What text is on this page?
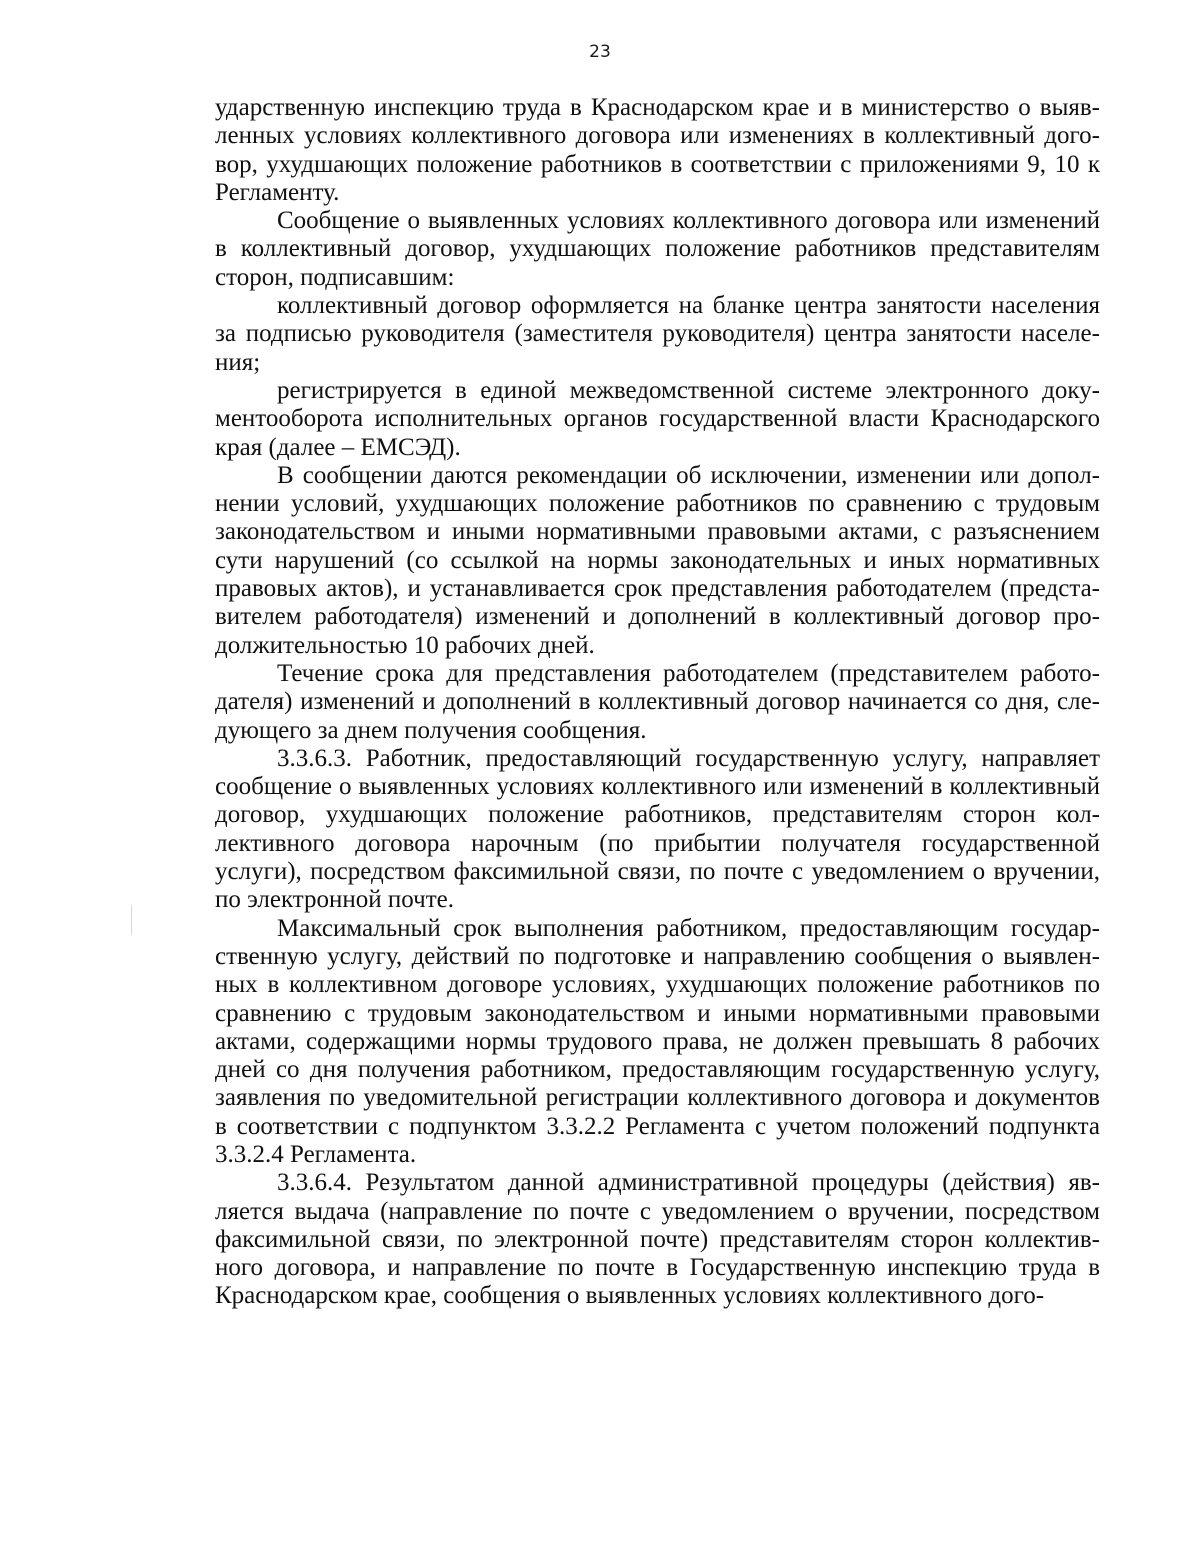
23

ударственную инспекцию труда в Краснодарском крае и в министерство о выявленных условиях коллективного договора или изменениях в коллективный договор, ухудшающих положение работников в соответствии с приложениями 9, 10 к Регламенту.

Сообщение о выявленных условиях коллективного договора или изменений в коллективный договор, ухудшающих положение работников представителям сторон, подписавшим:

коллективный договор оформляется на бланке центра занятости населения за подписью руководителя (заместителя руководителя) центра занятости населения;

регистрируется в единой межведомственной системе электронного документооборота исполнительных органов государственной власти Краснодарского края (далее – ЕМСЭД).

В сообщении даются рекомендации об исключении, изменении или дополнении условий, ухудшающих положение работников по сравнению с трудовым законодательством и иными нормативными правовыми актами, с разъяснением сути нарушений (со ссылкой на нормы законодательных и иных нормативных правовых актов), и устанавливается срок представления работодателем (представителем работодателя) изменений и дополнений в коллективный договор продолжительностью 10 рабочих дней.

Течение срока для представления работодателем (представителем работодателя) изменений и дополнений в коллективный договор начинается со дня, следующего за днем получения сообщения.

3.3.6.3. Работник, предоставляющий государственную услугу, направляет сообщение о выявленных условиях коллективного или изменений в коллективный договор, ухудшающих положение работников, представителям сторон коллективного договора нарочным (по прибытии получателя государственной услуги), посредством факсимильной связи, по почте с уведомлением о вручении, по электронной почте.

Максимальный срок выполнения работником, предоставляющим государственную услугу, действий по подготовке и направлению сообщения о выявленных в коллективном договоре условиях, ухудшающих положение работников по сравнению с трудовым законодательством и иными нормативными правовыми актами, содержащими нормы трудового права, не должен превышать 8 рабочих дней со дня получения работником, предоставляющим государственную услугу, заявления по уведомительной регистрации коллективного договора и документов в соответствии с подпунктом 3.3.2.2 Регламента с учетом положений подпункта 3.3.2.4 Регламента.

3.3.6.4. Результатом данной административной процедуры (действия) является выдача (направление по почте с уведомлением о вручении, посредством факсимильной связи, по электронной почте) представителям сторон коллективного договора, и направление по почте в Государственную инспекцию труда в Краснодарском крае, сообщения о выявленных условиях коллективного дого-
